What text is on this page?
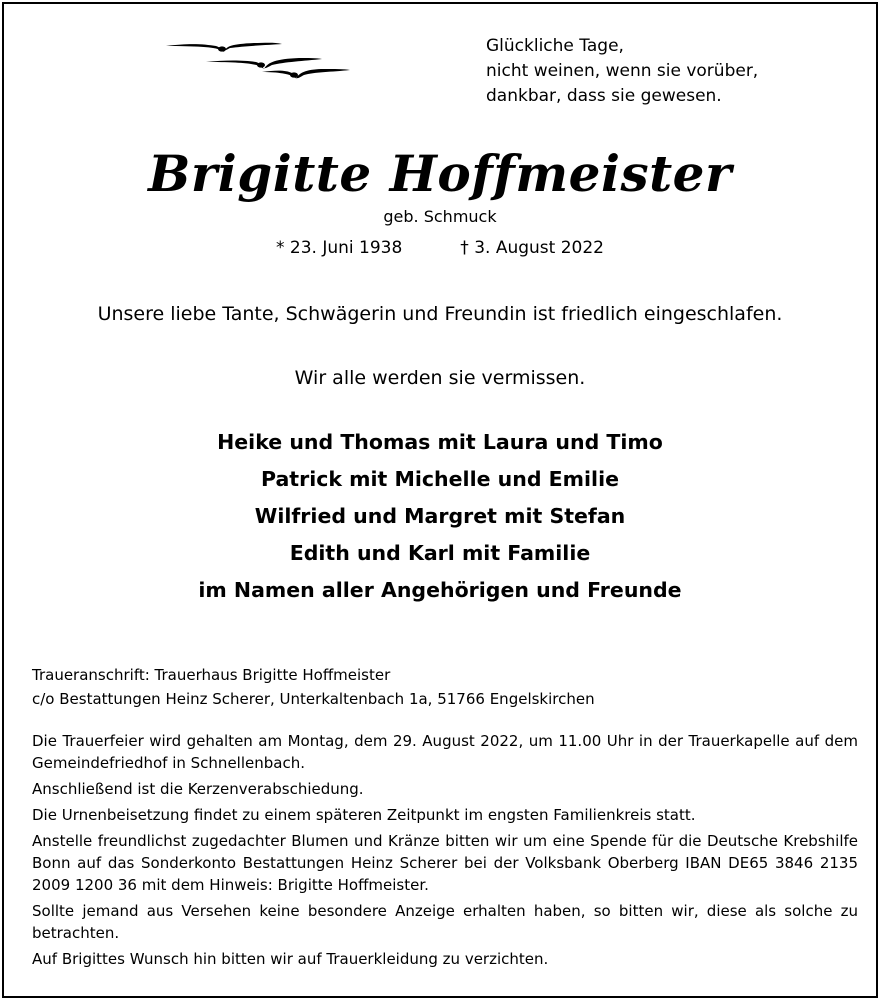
Glückliche Tage,
nicht weinen, wenn sie vorüber,
dankbar, dass sie gewesen.
Brigitte Hoffmeister
geb. Schmuck
* 23. Juni 1938	† 3. August 2022
Unsere liebe Tante, Schwägerin und Freundin ist friedlich eingeschlafen.
Wir alle werden sie vermissen.
Heike und Thomas mit Laura und Timo
Patrick mit Michelle und Emilie
Wilfried und Margret mit Stefan
Edith und Karl mit Familie
im Namen aller Angehörigen und Freunde
Traueranschrift: Trauerhaus Brigitte Hoffmeister
c/o Bestattungen Heinz Scherer, Unterkaltenbach 1a, 51766 Engelskirchen

Die Trauerfeier wird gehalten am Montag, dem 29. August 2022, um 11.00 Uhr in der Trauerkapelle auf dem Gemeindefriedhof in Schnellenbach.

Anschließend ist die Kerzenverabschiedung.

Die Urnenbeisetzung findet zu einem späteren Zeitpunkt im engsten Familienkreis statt.

Anstelle freundlichst zugedachter Blumen und Kränze bitten wir um eine Spende für die Deutsche Krebshilfe Bonn auf das Sonderkonto Bestattungen Heinz Scherer bei der Volksbank Oberberg IBAN DE65 3846 2135 2009 1200 36 mit dem Hinweis: Brigitte Hoffmeister.

Sollte jemand aus Versehen keine besondere Anzeige erhalten haben, so bitten wir, diese als solche zu betrachten.

Auf Brigittes Wunsch hin bitten wir auf Trauerkleidung zu verzichten.
